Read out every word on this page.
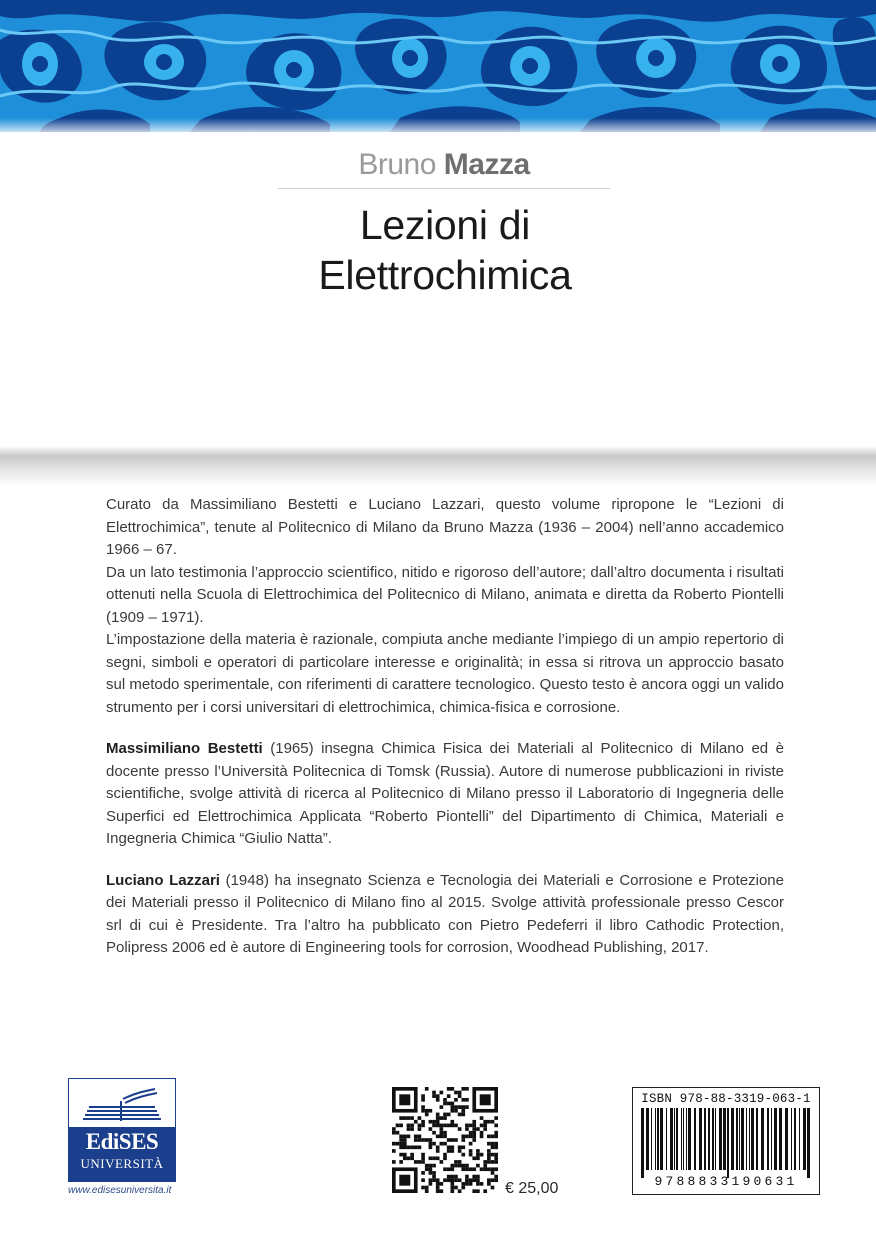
Bruno Mazza
Lezioni di
Elettrochimica

Curato da Massimiliano Bestetti e Luciano Lazzari, questo volume ripropone le “Lezioni di Elettrochimica”, tenute al Politecnico di Milano da Bruno Mazza (1936 – 2004) nell’anno accademico 1966 – 67.

Da un lato testimonia l’approccio scientifico, nitido e rigoroso dell’autore; dall’altro documenta i risultati ottenuti nella Scuola di Elettrochimica del Politecnico di Milano, animata e diretta da Roberto Piontelli (1909 – 1971).

L’impostazione della materia è razionale, compiuta anche mediante l’impiego di un ampio repertorio di segni, simboli e operatori di particolare interesse e originalità; in essa si ritrova un approccio basato sul metodo sperimentale, con riferimenti di carattere tecnologico. Questo testo è ancora oggi un valido strumento per i corsi universitari di elettrochimica, chimica-fisica e corrosione.

Massimiliano Bestetti (1965) insegna Chimica Fisica dei Materiali al Politecnico di Milano ed è docente presso l’Università Politecnica di Tomsk (Russia). Autore di numerose pubblicazioni in riviste scientifiche, svolge attività di ricerca al Politecnico di Milano presso il Laboratorio di Ingegneria delle Superfici ed Elettrochimica Applicata “Roberto Piontelli” del Dipartimento di Chimica, Materiali e Ingegneria Chimica “Giulio Natta”.

Luciano Lazzari (1948) ha insegnato Scienza e Tecnologia dei Materiali e Corrosione e Protezione dei Materiali presso il Politecnico di Milano fino al 2015. Svolge attività professionale presso Cescor srl di cui è Presidente. Tra l’altro ha pubblicato con Pietro Pedeferri il libro Cathodic Protection, Polipress 2006 ed è autore di Engineering tools for corrosion, Woodhead Publishing, 2017.

EdiSES
UNIVERSITÀ
www.edisesuniversita.it	€ 25,00
ISBN 978-88-3319-063-1
9788833190631
